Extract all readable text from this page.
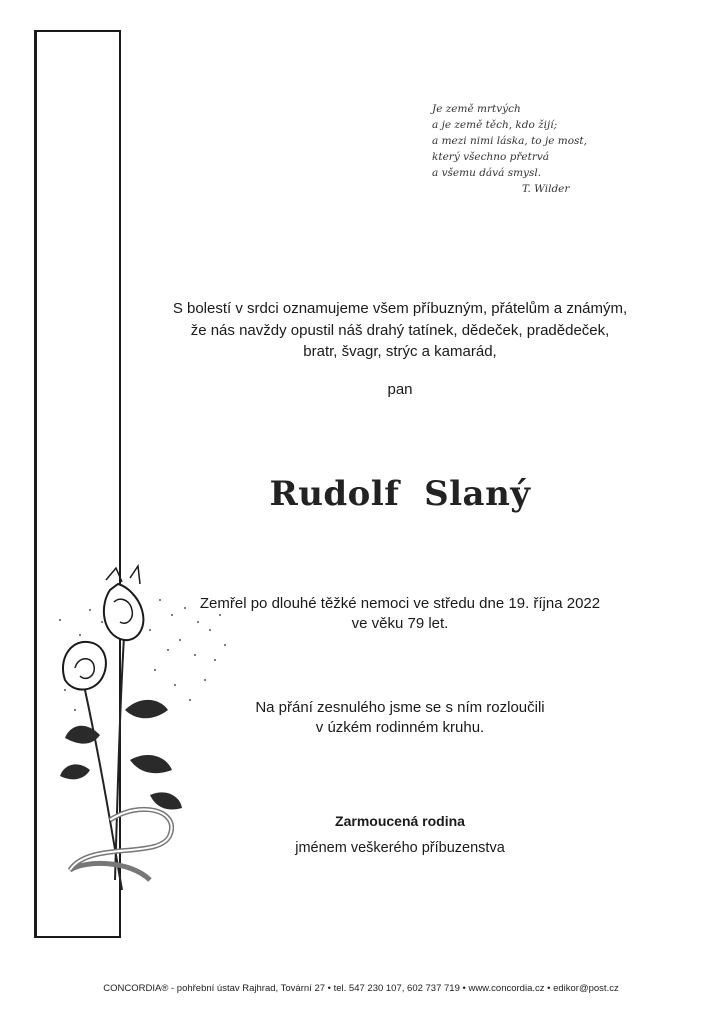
Je země mrtvých
a je země těch, kdo žijí;
a mezi nimi láska, to je most,
který všechno přetrvá
a všemu dává smysl.
T. Wilder
S bolestí v srdci oznamujeme všem příbuzným, přátelům a známým,
že nás navždy opustil náš drahý tatínek, dědeček, pradědeček,
bratr, švagr, strýc a kamarád,
pan
Rudolf  Slaný
Zemřel po dlouhé těžké nemoci ve středu dne 19. října 2022
ve věku 79 let.
Na přání zesnulého jsme se s ním rozloučili
v úzkém rodinném kruhu.
Zarmoucená rodina
jménem veškerého příbuzenstva
CONCORDIA® - pohřební ústav Rajhrad, Tovární 27 • tel. 547 230 107, 602 737 719 • www.concordia.cz • edikor@post.cz
